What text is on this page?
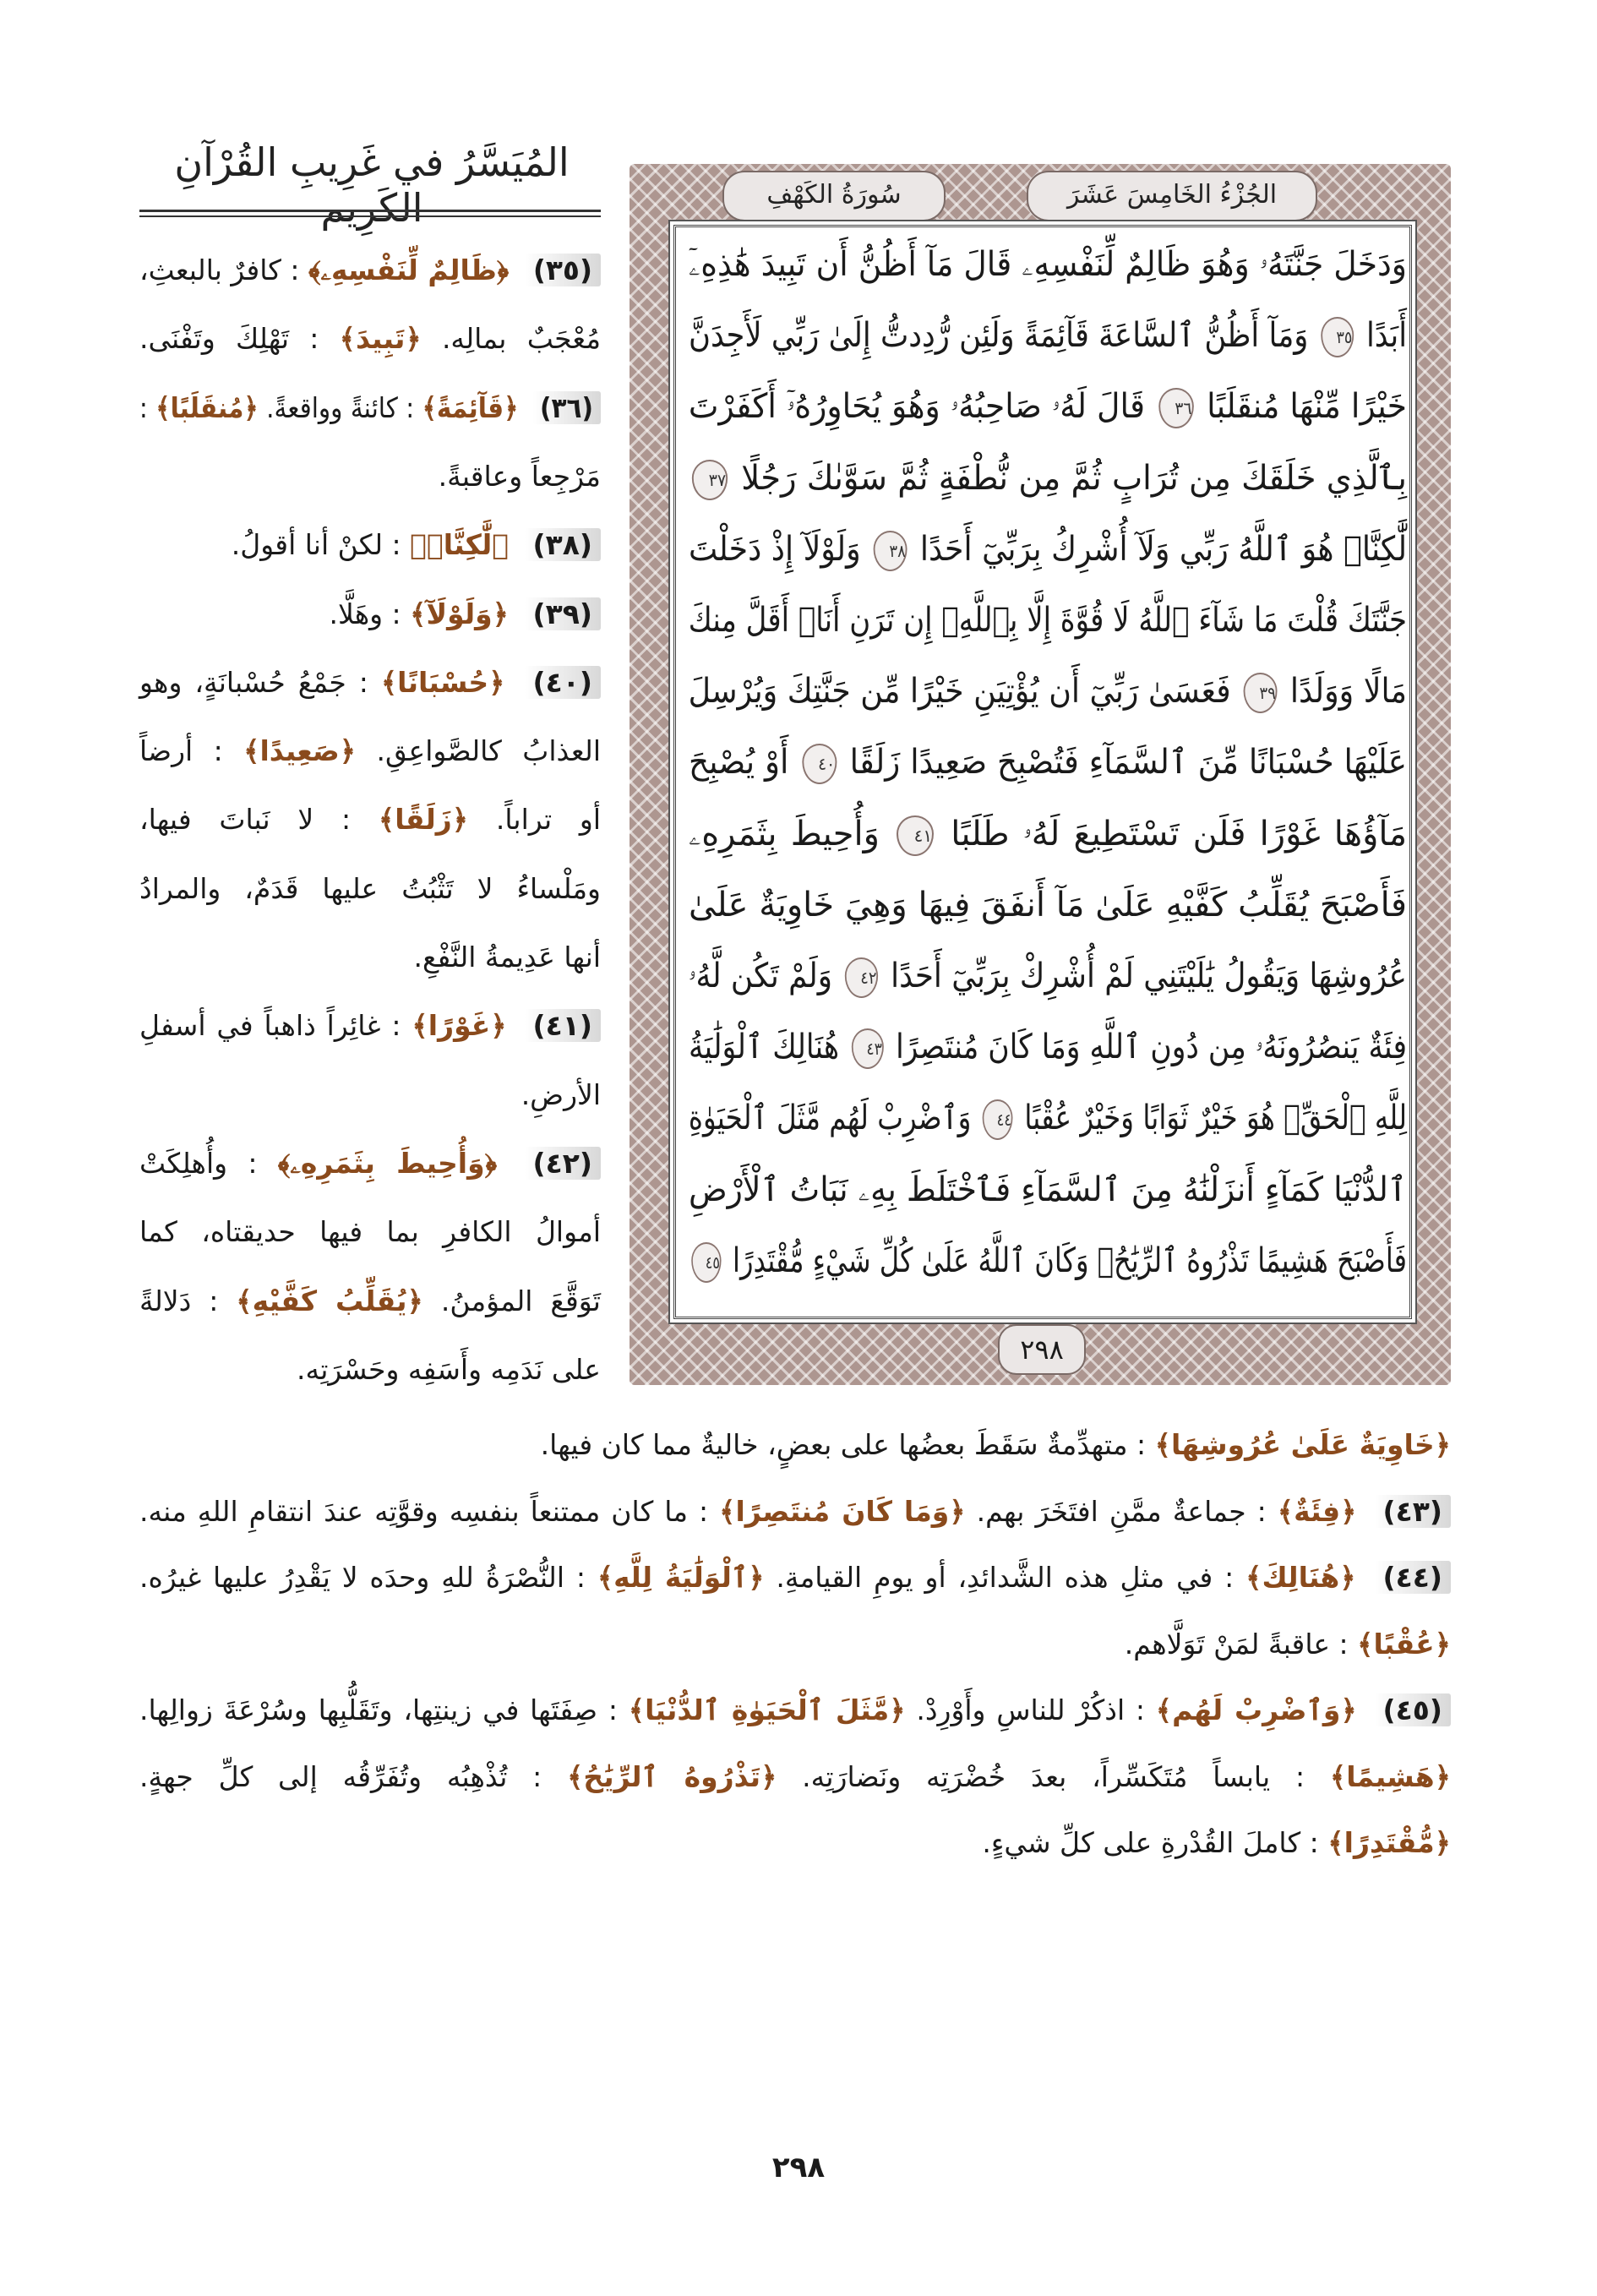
المُيَسَّرُ في غَرِيبِ القُرْآنِ الكَرِيم	الجُزْءُ الخَامِسَ عَشَرَ
سُورَةُ الكَهْفِ
٢٩٨
وَدَخَلَ جَنَّتَهُۥ وَهُوَ ظَالِمٌ لِّنَفْسِهِۦ قَالَ مَآ أَظُنُّ أَن تَبِيدَ هَٰذِهِۦٓ
أَبَدًا ٣٥ وَمَآ أَظُنُّ ٱلسَّاعَةَ قَآئِمَةً وَلَئِن رُّدِدتُّ إِلَىٰ رَبِّي لَأَجِدَنَّ
خَيْرًا مِّنْهَا مُنقَلَبًا ٣٦ قَالَ لَهُۥ صَاحِبُهُۥ وَهُوَ يُحَاوِرُهُۥٓ أَكَفَرْتَ
بِٱلَّذِي خَلَقَكَ مِن تُرَابٍ ثُمَّ مِن نُّطْفَةٍ ثُمَّ سَوَّىٰكَ رَجُلًا ٣٧
لَّٰكِنَّا۠ هُوَ ٱللَّهُ رَبِّي وَلَآ أُشْرِكُ بِرَبِّيٓ أَحَدًا ٣٨ وَلَوْلَآ إِذْ دَخَلْتَ
جَنَّتَكَ قُلْتَ مَا شَآءَ ٱللَّهُ لَا قُوَّةَ إِلَّا بِٱللَّهِۚ إِن تَرَنِ أَنَا۠ أَقَلَّ مِنكَ
مَالًا وَوَلَدًا ٣٩ فَعَسَىٰ رَبِّيٓ أَن يُؤْتِيَنِ خَيْرًا مِّن جَنَّتِكَ وَيُرْسِلَ
عَلَيْهَا حُسْبَانًا مِّنَ ٱلسَّمَآءِ فَتُصْبِحَ صَعِيدًا زَلَقًا ٤٠ أَوْ يُصْبِحَ
مَآؤُهَا غَوْرًا فَلَن تَسْتَطِيعَ لَهُۥ طَلَبًا ٤١ وَأُحِيطَ بِثَمَرِهِۦ
فَأَصْبَحَ يُقَلِّبُ كَفَّيْهِ عَلَىٰ مَآ أَنفَقَ فِيهَا وَهِيَ خَاوِيَةٌ عَلَىٰ
عُرُوشِهَا وَيَقُولُ يَٰلَيْتَنِي لَمْ أُشْرِكْ بِرَبِّيٓ أَحَدًا ٤٢ وَلَمْ تَكُن لَّهُۥ
فِئَةٌ يَنصُرُونَهُۥ مِن دُونِ ٱللَّهِ وَمَا كَانَ مُنتَصِرًا ٤٣ هُنَالِكَ ٱلْوَلَٰيَةُ
لِلَّهِ ٱلْحَقِّۚ هُوَ خَيْرٌ ثَوَابًا وَخَيْرٌ عُقْبًا ٤٤ وَٱضْرِبْ لَهُم مَّثَلَ ٱلْحَيَوٰةِ
ٱلدُّنْيَا كَمَآءٍ أَنزَلْنَٰهُ مِنَ ٱلسَّمَآءِ فَٱخْتَلَطَ بِهِۦ نَبَاتُ ٱلْأَرْضِ
فَأَصْبَحَ هَشِيمًا تَذْرُوهُ ٱلرِّيَٰحُۗ وَكَانَ ٱللَّهُ عَلَىٰ كُلِّ شَيْءٍ مُّقْتَدِرًا ٤٥
(٣٥) ﴿ظَالِمٌ لِّنَفْسِهِۦ﴾ : كافرٌ بالبعثِ،
مُعْجَبٌ بمالِه. ﴿تَبِيدَ﴾ : تَهْلِكَ وتَفْنَى.
(٣٦) ﴿قَآئِمَةً﴾ : كائنةً وواقعةً. ﴿مُنقَلَبًا﴾ :
مَرْجِعاً وعاقبةً.
(٣٨) ﴿لَّٰكِنَّا۠﴾ : لكنْ أنا أقولُ.
(٣٩) ﴿وَلَوْلَآ﴾ : وهَلَّا.
(٤٠) ﴿حُسْبَانًا﴾ : جَمْعُ حُسْبانَةٍ، وهو
العذابُ كالصَّواعِقِ. ﴿صَعِيدًا﴾ : أرضاً
أو تراباً. ﴿زَلَقًا﴾ : لا نَباتَ فيها،
ومَلْساءُ لا تَثْبُتُ عليها قَدَمٌ، والمرادُ
أنها عَدِيمةُ النَّفْعِ.
(٤١) ﴿غَوْرًا﴾ : غائِراً ذاهباً في أسفلِ
الأرضِ.
(٤٢) ﴿وَأُحِيطَ بِثَمَرِهِۦ﴾ : وأُهلِكَتْ
أموالُ الكافرِ بما فيها حديقتاه، كما
تَوَقَّعَ المؤمنُ. ﴿يُقَلِّبُ كَفَّيْهِ﴾ : دَلالةً
على نَدَمِه وأَسَفِه وحَسْرَتِه.
﴿خَاوِيَةٌ عَلَىٰ عُرُوشِهَا﴾ : متهدِّمةٌ سَقَطَ بعضُها على بعضٍ، خاليةٌ مما كان فيها.
(٤٣) ﴿فِئَةٌ﴾ : جماعةٌ ممَّنِ افتَخَرَ بهم. ﴿وَمَا كَانَ مُنتَصِرًا﴾ : ما كان ممتنعاً بنفسِه وقوَّتِه عندَ انتقامِ اللهِ منه.
(٤٤) ﴿هُنَالِكَ﴾ : في مثلِ هذه الشَّدائدِ، أو يومِ القيامةِ. ﴿ٱلْوَلَٰيَةُ لِلَّهِ﴾ : النُّصْرَةُ للهِ وحدَه لا يَقْدِرُ عليها غيرُه.
﴿عُقْبًا﴾ : عاقبةً لمَنْ تَوَلَّاهم.
(٤٥) ﴿وَٱضْرِبْ لَهُم﴾ : اذكُرْ للناسِ وأَوْرِدْ. ﴿مَّثَلَ ٱلْحَيَوٰةِ ٱلدُّنْيَا﴾ : صِفَتَها في زينتِها، وتَقَلُّبِها وسُرْعَةَ زوالِها.
﴿هَشِيمًا﴾ : يابساً مُتَكَسِّراً، بعدَ خُضْرَتِه ونَضارَتِه. ﴿تَذْرُوهُ ٱلرِّيَٰحُ﴾ : تُذْهِبُه وتُفَرِّقُه إلى كلِّ جهةٍ.
﴿مُّقْتَدِرًا﴾ : كاملَ القُدْرةِ على كلِّ شيءٍ.
٢٩٨
